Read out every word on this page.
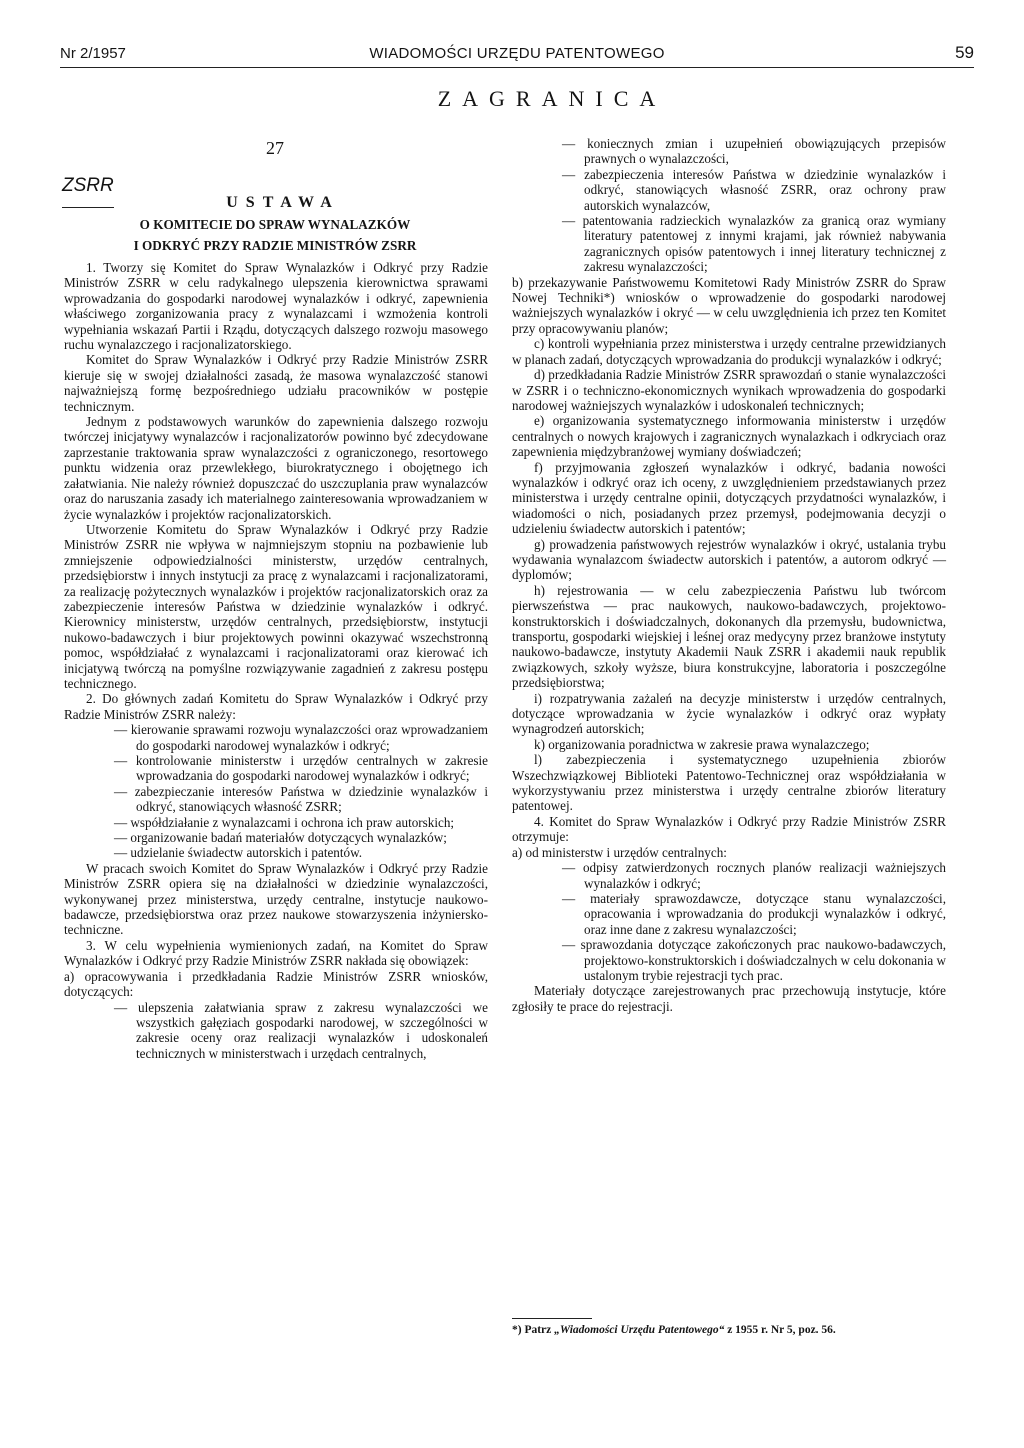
Nr 2/1957	WIADOMOŚCI URZĘDU PATENTOWEGO	59
ZAGRANICA
ZSRR
27
USTAWA
O KOMITECIE DO SPRAW WYNALAZKÓW
I ODKRYĆ PRZY RADZIE MINISTRÓW ZSRR

1. Tworzy się Komitet do Spraw Wynalazków i Odkryć przy Radzie Ministrów ZSRR w celu radykalnego ulepszenia kierownictwa sprawami wprowadzania do gospodarki narodowej wynalazków i odkryć, zapewnienia właściwego zorganizowania pracy z wynalazcami i wzmożenia kontroli wypełniania wskazań Partii i Rządu, dotyczących dalszego rozwoju masowego ruchu wynalazczego i racjonalizatorskiego.

Komitet do Spraw Wynalazków i Odkryć przy Radzie Ministrów ZSRR kieruje się w swojej działalności zasadą, że masowa wynalazczość stanowi najważniejszą formę bezpośredniego udziału pracowników w postępie technicznym.

Jednym z podstawowych warunków do zapewnienia dalszego rozwoju twórczej inicjatywy wynalazców i racjonalizatorów powinno być zdecydowane zaprzestanie traktowania spraw wynalazczości z ograniczonego, resortowego punktu widzenia oraz przewlekłego, biurokratycznego i obojętnego ich załatwiania. Nie należy również dopuszczać do uszczuplania praw wynalazców oraz do naruszania zasady ich materialnego zainteresowania wprowadzaniem w życie wynalazków i projektów racjonalizatorskich.

Utworzenie Komitetu do Spraw Wynalazków i Odkryć przy Radzie Ministrów ZSRR nie wpływa w najmniejszym stopniu na pozbawienie lub zmniejszenie odpowiedzialności ministerstw, urzędów centralnych, przedsiębiorstw i innych instytucji za pracę z wynalazcami i racjonalizatorami, za realizację pożytecznych wynalazków i projektów racjonalizatorskich oraz za zabezpieczenie interesów Państwa w dziedzinie wynalazków i odkryć. Kierownicy ministerstw, urzędów centralnych, przedsiębiorstw, instytucji nukowo-badawczych i biur projektowych powinni okazywać wszechstronną pomoc, współdziałać z wynalazcami i racjonalizatorami oraz kierować ich inicjatywą twórczą na pomyślne rozwiązywanie zagadnień z zakresu postępu technicznego.

2. Do głównych zadań Komitetu do Spraw Wynalazków i Odkryć przy Radzie Ministrów ZSRR należy:

— kierowanie sprawami rozwoju wynalazczości oraz wprowadzaniem do gospodarki narodowej wynalazków i odkryć;

— kontrolowanie ministerstw i urzędów centralnych w zakresie wprowadzania do gospodarki narodowej wynalazków i odkryć;

— zabezpieczanie interesów Państwa w dziedzinie wynalazków i odkryć, stanowiących własność ZSRR;

— współdziałanie z wynalazcami i ochrona ich praw autorskich;

— organizowanie badań materiałów dotyczących wynalazków;

— udzielanie świadectw autorskich i patentów.

W pracach swoich Komitet do Spraw Wynalazków i Odkryć przy Radzie Ministrów ZSRR opiera się na działalności w dziedzinie wynalazczości, wykonywanej przez ministerstwa, urzędy centralne, instytucje naukowo-badawcze, przedsiębiorstwa oraz przez naukowe stowarzyszenia inżyniersko-techniczne.

3. W celu wypełnienia wymienionych zadań, na Komitet do Spraw Wynalazków i Odkryć przy Radzie Ministrów ZSRR nakłada się obowiązek:

a) opracowywania i przedkładania Radzie Ministrów ZSRR wniosków, dotyczących:

— ulepszenia załatwiania spraw z zakresu wynalazczości we wszystkich gałęziach gospodarki narodowej, w szczególności w zakresie oceny oraz realizacji wynalazków i udoskonaleń technicznych w ministerstwach i urzędach centralnych,

— koniecznych zmian i uzupełnień obowiązujących przepisów prawnych o wynalazczości,

— zabezpieczenia interesów Państwa w dziedzinie wynalazków i odkryć, stanowiących własność ZSRR, oraz ochrony praw autorskich wynalazców,

— patentowania radzieckich wynalazków za granicą oraz wymiany literatury patentowej z innymi krajami, jak również nabywania zagranicznych opisów patentowych i innej literatury technicznej z zakresu wynalazczości;

b) przekazywanie Państwowemu Komitetowi Rady Ministrów ZSRR do Spraw Nowej Techniki*) wniosków o wprowadzenie do gospodarki narodowej ważniejszych wynalazków i okryć — w celu uwzględnienia ich przez ten Komitet przy opracowywaniu planów;

c) kontroli wypełniania przez ministerstwa i urzędy centralne przewidzianych w planach zadań, dotyczących wprowadzania do produkcji wynalazków i odkryć;

d) przedkładania Radzie Ministrów ZSRR sprawozdań o stanie wynalazczości w ZSRR i o techniczno-ekonomicznych wynikach wprowadzenia do gospodarki narodowej ważniejszych wynalazków i udoskonaleń technicznych;

e) organizowania systematycznego informowania ministerstw i urzędów centralnych o nowych krajowych i zagranicznych wynalazkach i odkryciach oraz zapewnienia międzybranżowej wymiany doświadczeń;

f) przyjmowania zgłoszeń wynalazków i odkryć, badania nowości wynalazków i odkryć oraz ich oceny, z uwzględnieniem przedstawianych przez ministerstwa i urzędy centralne opinii, dotyczących przydatności wynalazków, i wiadomości o nich, posiadanych przez przemysł, podejmowania decyzji o udzieleniu świadectw autorskich i patentów;

g) prowadzenia państwowych rejestrów wynalazków i okryć, ustalania trybu wydawania wynalazcom świadectw autorskich i patentów, a autorom odkryć — dyplomów;

h) rejestrowania — w celu zabezpieczenia Państwu lub twórcom pierwszeństwa — prac naukowych, naukowo-badawczych, projektowo-konstruktorskich i doświadczalnych, dokonanych dla przemysłu, budownictwa, transportu, gospodarki wiejskiej i leśnej oraz medycyny przez branżowe instytuty naukowo-badawcze, instytuty Akademii Nauk ZSRR i akademii nauk republik związkowych, szkoły wyższe, biura konstrukcyjne, laboratoria i poszczególne przedsiębiorstwa;

i) rozpatrywania zażaleń na decyzje ministerstw i urzędów centralnych, dotyczące wprowadzania w życie wynalazków i odkryć oraz wypłaty wynagrodzeń autorskich;

k) organizowania poradnictwa w zakresie prawa wynalazczego;

l) zabezpieczenia i systematycznego uzupełnienia zbiorów Wszechzwiązkowej Biblioteki Patentowo-Technicznej oraz współdziałania w wykorzystywaniu przez ministerstwa i urzędy centralne zbiorów literatury patentowej.

4. Komitet do Spraw Wynalazków i Odkryć przy Radzie Ministrów ZSRR otrzymuje:

a) od ministerstw i urzędów centralnych:

— odpisy zatwierdzonych rocznych planów realizacji ważniejszych wynalazków i odkryć;

— materiały sprawozdawcze, dotyczące stanu wynalazczości, opracowania i wprowadzania do produkcji wynalazków i odkryć, oraz inne dane z zakresu wynalazczości;

— sprawozdania dotyczące zakończonych prac naukowo-badawczych, projektowo-konstruktorskich i doświadczalnych w celu dokonania w ustalonym trybie rejestracji tych prac.

Materiały dotyczące zarejestrowanych prac przechowują instytucje, które zgłosiły te prace do rejestracji.

*) Patrz „Wiadomości Urzędu Patentowego“ z 1955 r. Nr 5, poz. 56.
